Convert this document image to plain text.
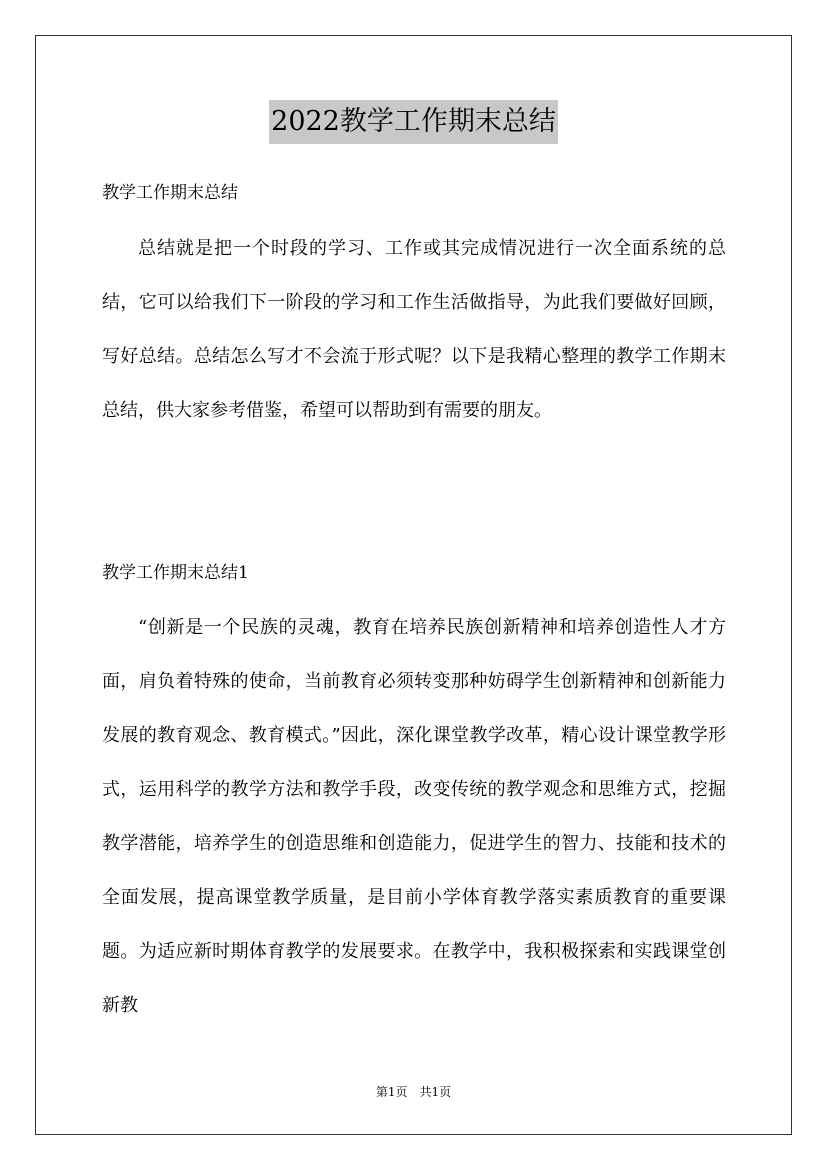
2022教学工作期末总结
教学工作期末总结

总结就是把一个时段的学习、工作或其完成情况进行一次全面系统的总结，它可以给我们下一阶段的学习和工作生活做指导，为此我们要做好回顾，写好总结。总结怎么写才不会流于形式呢？以下是我精心整理的教学工作期末总结，供大家参考借鉴，希望可以帮助到有需要的朋友。

教学工作期末总结1

“创新是一个民族的灵魂，教育在培养民族创新精神和培养创造性人才方面，肩负着特殊的使命，当前教育必须转变那种妨碍学生创新精神和创新能力发展的教育观念、教育模式。”因此，深化课堂教学改革，精心设计课堂教学形式，运用科学的教学方法和教学手段，改变传统的教学观念和思维方式，挖掘教学潜能，培养学生的创造思维和创造能力，促进学生的智力、技能和技术的全面发展，提高课堂教学质量，是目前小学体育教学落实素质教育的重要课题。为适应新时期体育教学的发展要求。在教学中，我积极探索和实践课堂创新教

第1页　共1页
